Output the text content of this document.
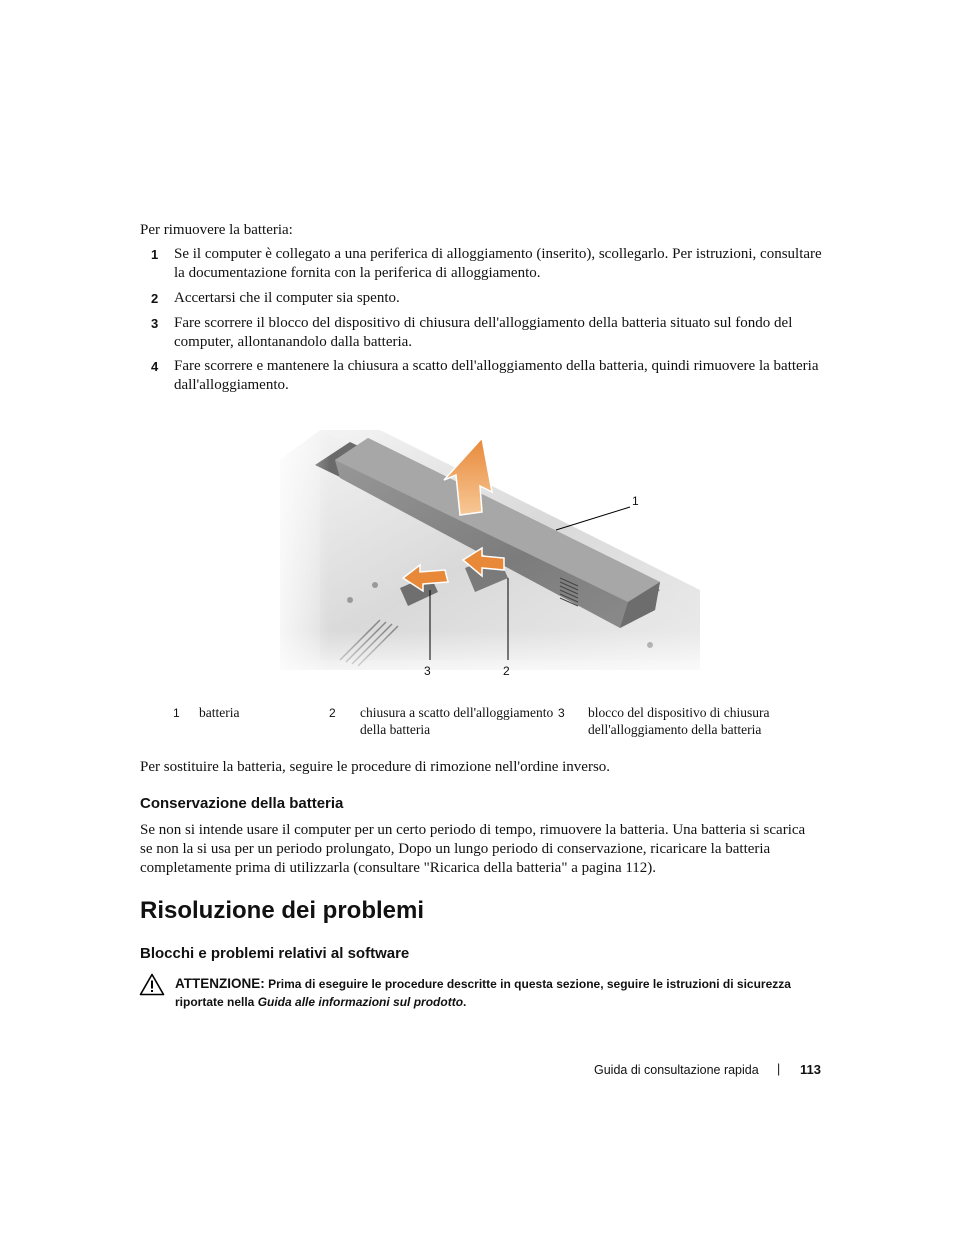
Per rimuovere la batteria:
1 Se il computer è collegato a una periferica di alloggiamento (inserito), scollegarlo. Per istruzioni, consultare la documentazione fornita con la periferica di alloggiamento.
2 Accertarsi che il computer sia spento.
3 Fare scorrere il blocco del dispositivo di chiusura dell'alloggiamento della batteria situato sul fondo del computer, allontanandolo dalla batteria.
4 Fare scorrere e mantenere la chiusura a scatto dell'alloggiamento della batteria, quindi rimuovere la batteria dall'alloggiamento.
1
3	2
1 batteria	2 chiusura a scatto dell'alloggiamento della batteria
3 blocco del dispositivo di chiusura dell'alloggiamento della batteria
Per sostituire la batteria, seguire le procedure di rimozione nell'ordine inverso.
Conservazione della batteria
Se non si intende usare il computer per un certo periodo di tempo, rimuovere la batteria. Una batteria si scarica se non la si usa per un periodo prolungato, Dopo un lungo periodo di conservazione, ricaricare la batteria completamente prima di utilizzarla (consultare "Ricarica della batteria" a pagina 112).
Risoluzione dei problemi
Blocchi e problemi relativi al software
ATTENZIONE: Prima di eseguire le procedure descritte in questa sezione, seguire le istruzioni di sicurezza riportate nella Guida alle informazioni sul prodotto.
Guida di consultazione rapida | 113
